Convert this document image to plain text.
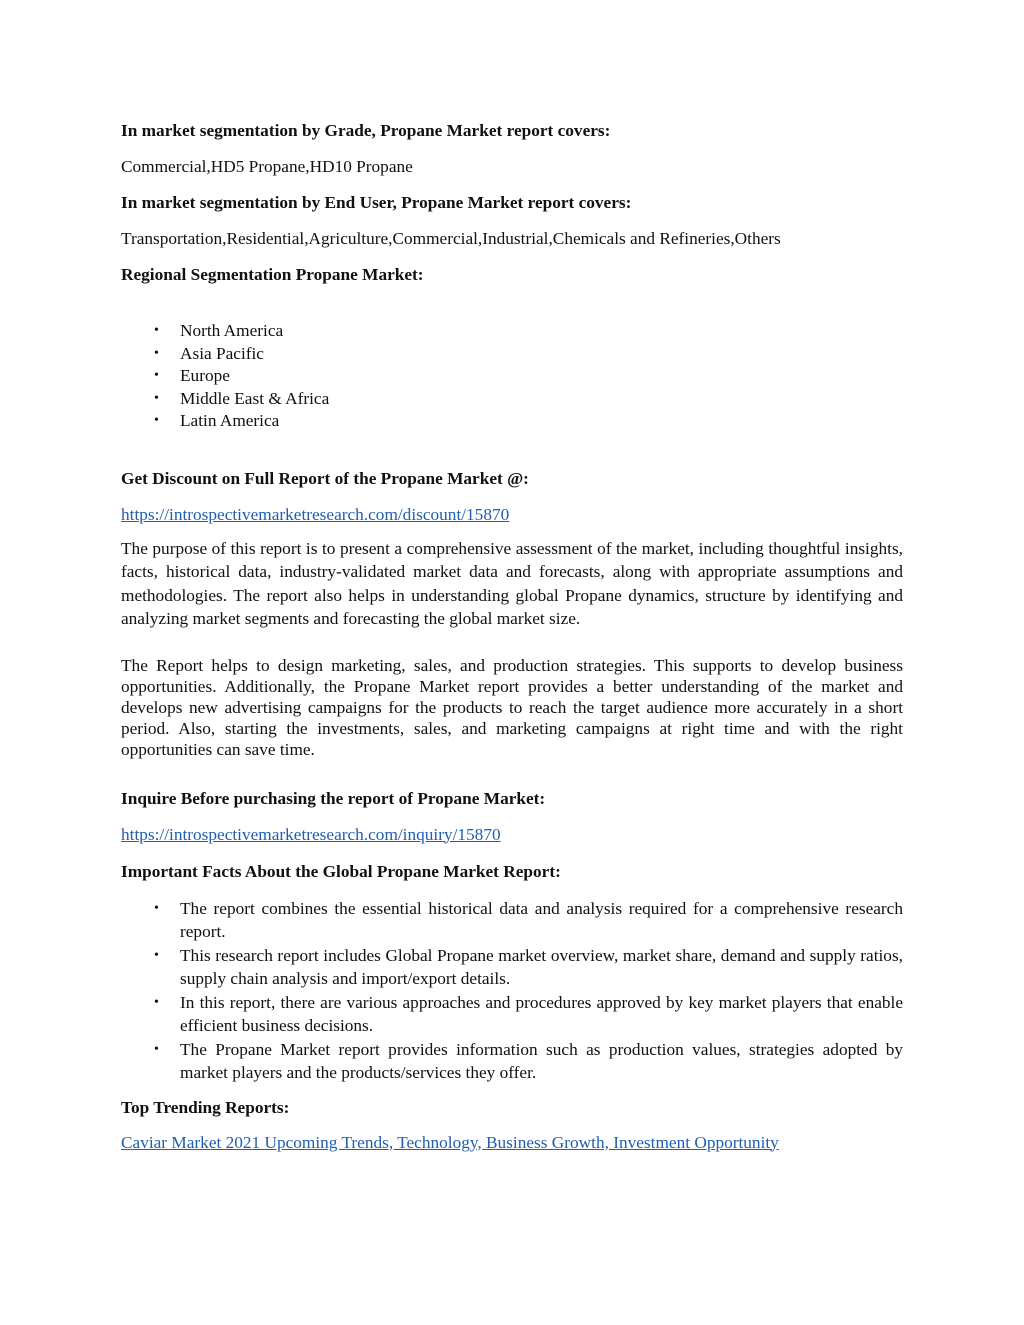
In market segmentation by Grade, Propane Market report covers:

Commercial,HD5 Propane,HD10 Propane

In market segmentation by End User, Propane Market report covers:

Transportation,Residential,Agriculture,Commercial,Industrial,Chemicals and Refineries,Others

Regional Segmentation Propane Market:

• North America
• Asia Pacific
• Europe
• Middle East & Africa
• Latin America

Get Discount on Full Report of the Propane Market @:

https://introspectivemarketresearch.com/discount/15870

The purpose of this report is to present a comprehensive assessment of the market, including thoughtful insights, facts, historical data, industry-validated market data and forecasts, along with appropriate assumptions and methodologies. The report also helps in understanding global Propane dynamics, structure by identifying and analyzing market segments and forecasting the global market size.

The Report helps to design marketing, sales, and production strategies. This supports to develop business opportunities. Additionally, the Propane Market report provides a better understanding of the market and develops new advertising campaigns for the products to reach the target audience more accurately in a short period. Also, starting the investments, sales, and marketing campaigns at right time and with the right opportunities can save time.

Inquire Before purchasing the report of Propane Market:

https://introspectivemarketresearch.com/inquiry/15870

Important Facts About the Global Propane Market Report:

• The report combines the essential historical data and analysis required for a comprehensive research report.
• This research report includes Global Propane market overview, market share, demand and supply ratios, supply chain analysis and import/export details.
• In this report, there are various approaches and procedures approved by key market players that enable efficient business decisions.
• The Propane Market report provides information such as production values, strategies adopted by market players and the products/services they offer.

Top Trending Reports:

Caviar Market 2021 Upcoming Trends, Technology, Business Growth, Investment Opportunity
